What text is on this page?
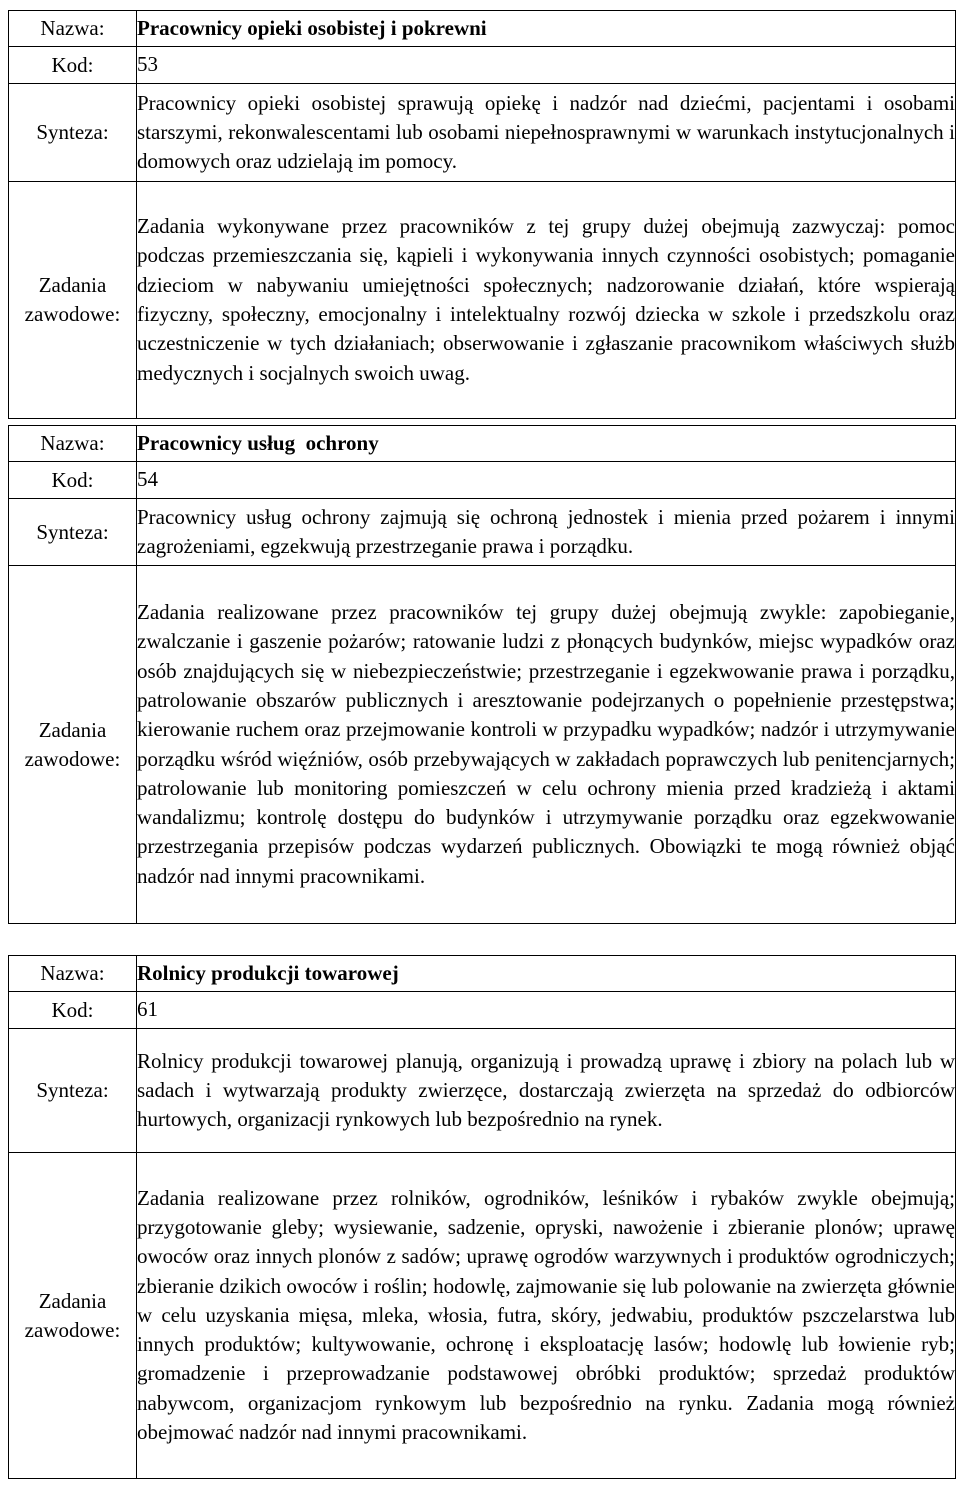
Nazwa:	Pracownicy opieki osobistej i pokrewni
Kod:	53
Synteza:	Pracownicy opieki osobistej sprawują opiekę i nadzór nad dziećmi, pacjentami i osobami starszymi, rekonwalescentami lub osobami niepełnosprawnymi w warunkach instytucjonalnych i domowych oraz udzielają im pomocy.

Zadania
zawodowe:	Zadania wykonywane przez pracowników z tej grupy dużej obejmują zazwyczaj: pomoc podczas przemieszczania się, kąpieli i wykonywania innych czynności osobistych; pomaganie dzieciom w nabywaniu umiejętności społecznych; nadzorowanie działań, które wspierają fizyczny, społeczny, emocjonalny i intelektualny rozwój dziecka w szkole i przedszkolu oraz uczestniczenie w tych działaniach; obserwowanie i zgłaszanie pracownikom właściwych służb medycznych i socjalnych swoich uwag.
Nazwa:	Pracownicy usług  ochrony
Kod:	54
Synteza:	Pracownicy usług ochrony zajmują się ochroną jednostek i mienia przed pożarem i innymi zagrożeniami, egzekwują przestrzeganie prawa i porządku.

Zadania
zawodowe:	Zadania realizowane przez pracowników tej grupy dużej obejmują zwykle: zapobieganie, zwalczanie i gaszenie pożarów; ratowanie ludzi z płonących budynków, miejsc wypadków oraz osób znajdujących się w niebezpieczeństwie; przestrzeganie i egzekwowanie prawa i porządku, patrolowanie obszarów publicznych i aresztowanie podejrzanych o popełnienie przestępstwa; kierowanie ruchem oraz przejmowanie kontroli w przypadku wypadków; nadzór i utrzymywanie porządku wśród więźniów, osób przebywających w zakładach poprawczych lub penitencjarnych; patrolowanie lub monitoring pomieszczeń w celu ochrony mienia przed kradzieżą i aktami wandalizmu; kontrolę dostępu do budynków i utrzymywanie porządku oraz egzekwowanie przestrzegania przepisów podczas wydarzeń publicznych. Obowiązki te mogą również objąć nadzór nad innymi pracownikami.
Nazwa:	Rolnicy produkcji towarowej
Kod:	61
Synteza:	Rolnicy produkcji towarowej planują, organizują i prowadzą uprawę i zbiory na polach lub w sadach i wytwarzają produkty zwierzęce, dostarczają zwierzęta na sprzedaż do odbiorców hurtowych, organizacji rynkowych lub bezpośrednio na rynek.

Zadania
zawodowe:	Zadania realizowane przez rolników, ogrodników, leśników i rybaków zwykle obejmują; przygotowanie gleby; wysiewanie, sadzenie, opryski, nawożenie i zbieranie plonów; uprawę owoców oraz innych plonów z sadów; uprawę ogrodów warzywnych i produktów ogrodniczych; zbieranie dzikich owoców i roślin; hodowlę, zajmowanie się lub polowanie na zwierzęta głównie w celu uzyskania mięsa, mleka, włosia, futra, skóry, jedwabiu, produktów pszczelarstwa lub innych produktów; kultywowanie, ochronę i eksploatację lasów; hodowlę lub łowienie ryb; gromadzenie i przeprowadzanie podstawowej obróbki produktów; sprzedaż produktów nabywcom, organizacjom rynkowym lub bezpośrednio na rynku. Zadania mogą również obejmować nadzór nad innymi pracownikami.
